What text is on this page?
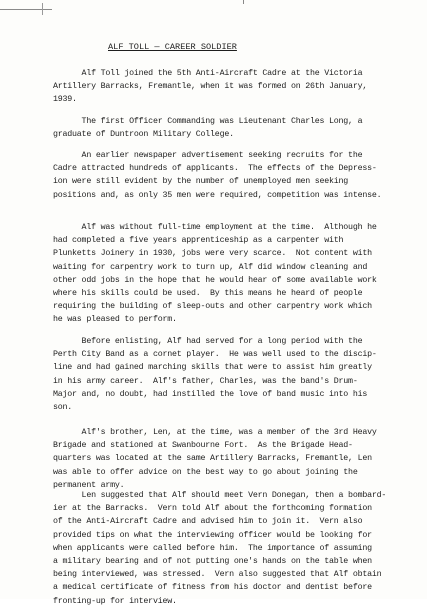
ALF TOLL — CAREER SOLDIER
Alf Toll joined the 5th Anti-Aircraft Cadre at the Victoria
Artillery Barracks, Fremantle, when it was formed on 26th January,
1939.
The first Officer Commanding was Lieutenant Charles Long, a
graduate of Duntroon Military College.
An earlier newspaper advertisement seeking recruits for the
Cadre attracted hundreds of applicants.  The effects of the Depress-
ion were still evident by the number of unemployed men seeking
positions and, as only 35 men were required, competition was intense.
Alf was without full-time employment at the time.  Although he
had completed a five years apprenticeship as a carpenter with
Plunketts Joinery in 1930, jobs were very scarce.  Not content with
waiting for carpentry work to turn up, Alf did window cleaning and
other odd jobs in the hope that he would hear of some available work
where his skills could be used.  By this means he heard of people
requiring the building of sleep-outs and other carpentry work which
he was pleased to perform.
Before enlisting, Alf had served for a long period with the
Perth City Band as a cornet player.  He was well used to the discip-
line and had gained marching skills that were to assist him greatly
in his army career.  Alf's father, Charles, was the band's Drum-
Major and, no doubt, had instilled the love of band music into his
son.
Alf's brother, Len, at the time, was a member of the 3rd Heavy
Brigade and stationed at Swanbourne Fort.  As the Brigade Head-
quarters was located at the same Artillery Barracks, Fremantle, Len
was able to offer advice on the best way to go about joining the
permanent army.
Len suggested that Alf should meet Vern Donegan, then a bombard-
ier at the Barracks.  Vern told Alf about the forthcoming formation
of the Anti-Aircraft Cadre and advised him to join it.  Vern also
provided tips on what the interviewing officer would be looking for
when applicants were called before him.  The importance of assuming
a military bearing and of not putting one's hands on the table when
being interviewed, was stressed.  Vern also suggested that Alf obtain
a medical certificate of fitness from his doctor and dentist before
fronting-up for interview.
